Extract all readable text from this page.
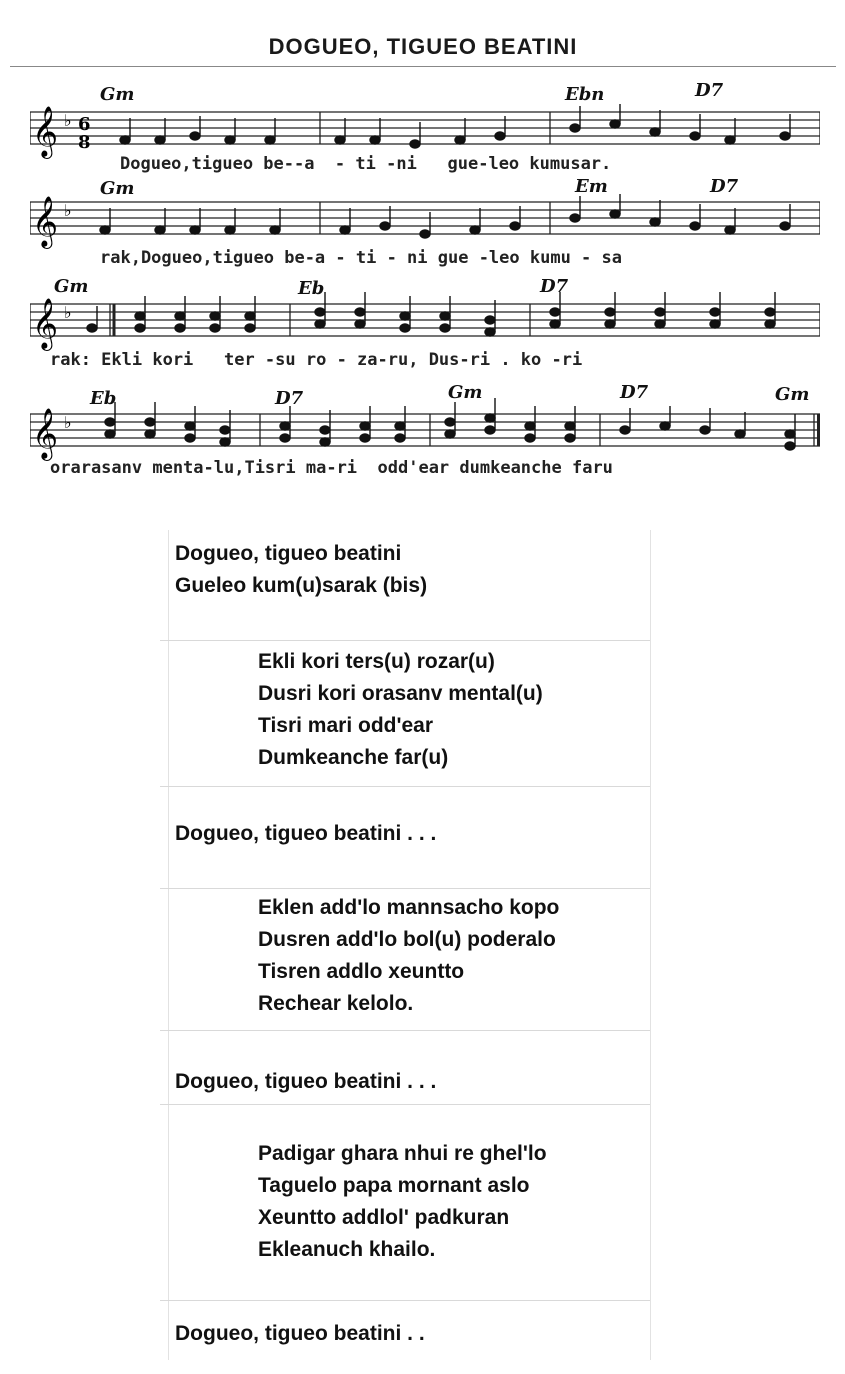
DOGUEO, TIGUEO BEATINI
𝄞 ♭ 6
8
Gm	Ebn	D7
Dogueo,tigueo be--a  - ti -ni   gue-leo kumusar.
𝄞 ♭
Gm	Em	D7
rak,Dogueo,tigueo be-a - ti - ni gue -leo kumu - sa
𝄞 ♭
Gm	Eb	D7
rak: Ekli kori   ter -su ro - za-ru, Dus-ri . ko -ri
𝄞 ♭
Eb	D7	Gm	D7	Gm
orarasanv menta-lu,Tisri ma-ri  odd'ear dumkeanche faru
Dogueo, tigueo beatini
Gueleo kum(u)sarak (bis)
Ekli kori ters(u) rozar(u)
Dusri kori orasanv mental(u)
Tisri mari odd'ear
Dumkeanche far(u)
Dogueo, tigueo beatini . . .
Eklen add'lo mannsacho kopo
Dusren add'lo bol(u) poderalo
Tisren addlo xeuntto
Rechear kelolo.
Dogueo, tigueo beatini . . .
Padigar ghara nhui re ghel'lo
Taguelo papa mornant aslo
Xeuntto addlol' padkuran
Ekleanuch khailo.
Dogueo, tigueo beatini . .
